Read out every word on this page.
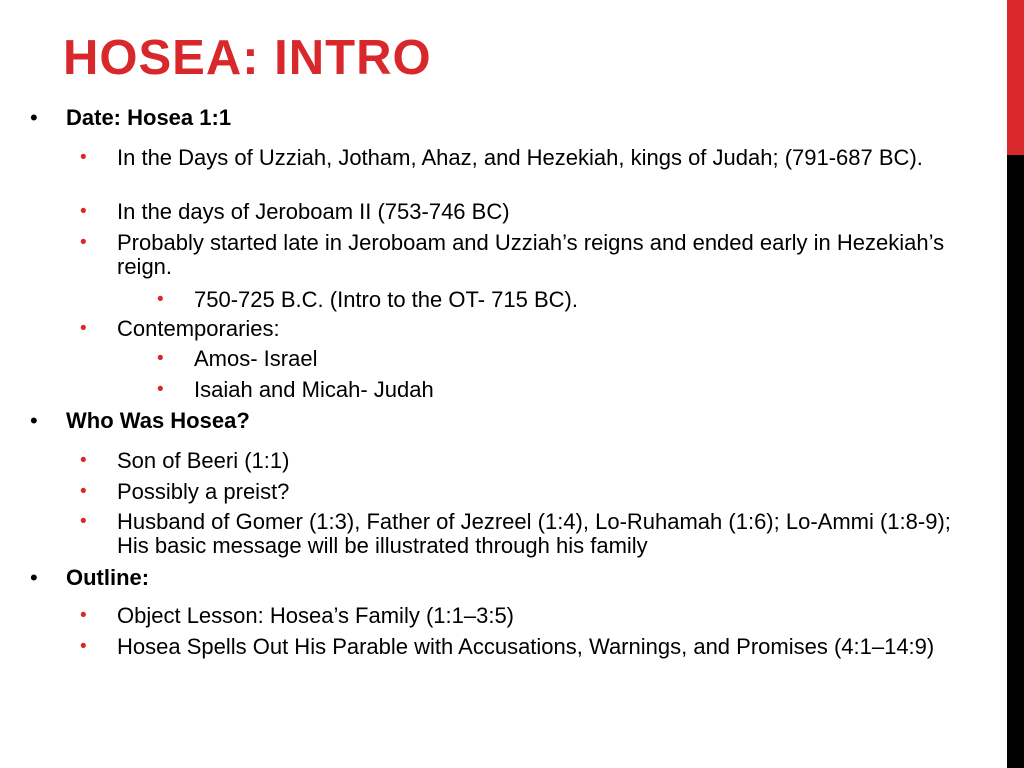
HOSEA: INTRO
• Date: Hosea 1:1
• In the Days of Uzziah, Jotham, Ahaz, and Hezekiah, kings of Judah; (791-687 BC).
• In the days of Jeroboam II (753-746 BC)
• Probably started late in Jeroboam and Uzziah’s reigns and ended early in Hezekiah’s reign.
• 750-725 B.C. (Intro to the OT- 715 BC).
• Contemporaries:
• Amos- Israel
• Isaiah and Micah- Judah
• Who Was Hosea?
• Son of Beeri (1:1)
• Possibly a preist?
• Husband of Gomer (1:3), Father of Jezreel (1:4), Lo-Ruhamah (1:6); Lo-Ammi (1:8-9); His basic message will be illustrated through his family
• Outline:
• Object Lesson: Hosea’s Family (1:1–3:5)
• Hosea Spells Out His Parable with Accusations, Warnings, and Promises (4:1–14:9)
